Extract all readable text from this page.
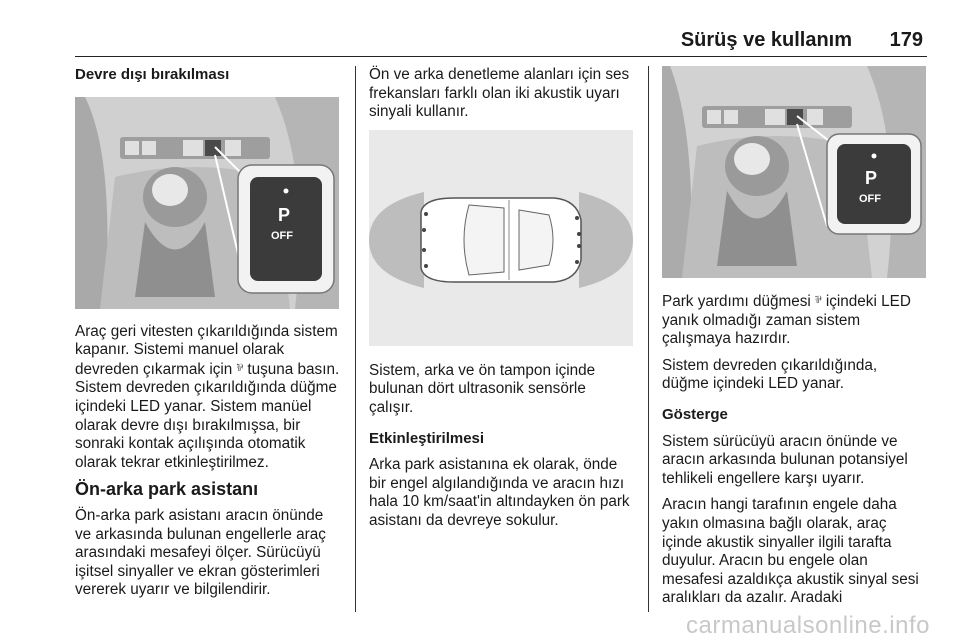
Sürüş ve kullanım 179

Devre dışı bırakılması

P
OFF

Araç geri vitesten çıkarıldığında sistem kapanır. Sistemi manuel olarak devreden çıkarmak için ⅌ tuşuna basın. Sistem devreden çıkarıldığında düğme içindeki LED yanar. Sistem manüel olarak devre dışı bırakılmışsa, bir sonraki kontak açılışında otomatik olarak tekrar etkinleştirilmez.

Ön-arka park asistanı

Ön-arka park asistanı aracın önünde ve arkasında bulunan engellerle araç arasındaki mesafeyi ölçer. Sürücüyü işitsel sinyaller ve ekran gösterimleri vererek uyarır ve bilgilendirir.

Ön ve arka denetleme alanları için ses frekansları farklı olan iki akustik uyarı sinyali kullanır.

Sistem, arka ve ön tampon içinde bulunan dört ultrasonik sensörle çalışır.

Etkinleştirilmesi

Arka park asistanına ek olarak, önde bir engel algılandığında ve aracın hızı hala 10 km/saat'in altındayken ön park asistanı da devreye sokulur.

P
OFF

Park yardımı düğmesi ⅌ içindeki LED yanık olmadığı zaman sistem çalışmaya hazırdır.

Sistem devreden çıkarıldığında, düğme içindeki LED yanar.

Gösterge

Sistem sürücüyü aracın önünde ve aracın arkasında bulunan potansiyel tehlikeli engellere karşı uyarır.

Aracın hangi tarafının engele daha yakın olmasına bağlı olarak, araç içinde akustik sinyaller ilgili tarafta duyulur. Aracın bu engele olan mesafesi azaldıkça akustik sinyal sesi aralıkları da azalır. Aradaki

carmanualsonline.info
